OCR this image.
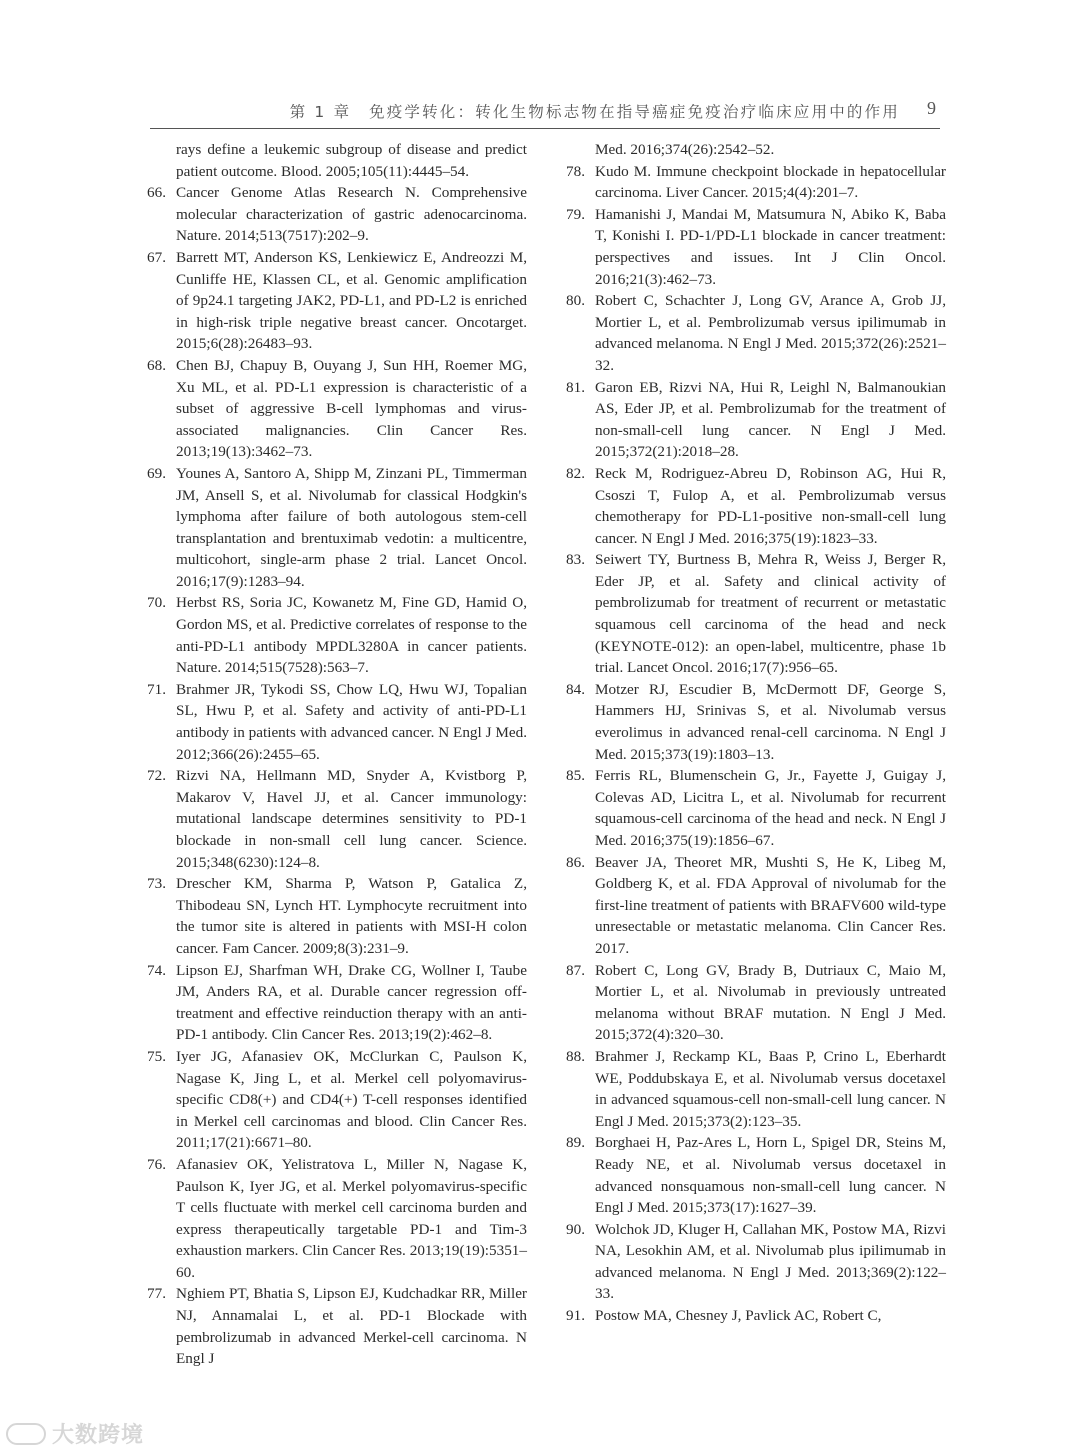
第 1 章　免疫学转化：转化生物标志物在指导癌症免疫治疗临床应用中的作用 9
rays define a leukemic subgroup of disease and predict patient outcome. Blood. 2005;105(11):4445–54.
66. Cancer Genome Atlas Research N. Comprehensive molecular characterization of gastric adenocarcinoma. Nature. 2014;513(7517):202–9.
67. Barrett MT, Anderson KS, Lenkiewicz E, Andreozzi M, Cunliffe HE, Klassen CL, et al. Genomic amplification of 9p24.1 targeting JAK2, PD-L1, and PD-L2 is enriched in high-risk triple negative breast cancer. Oncotarget. 2015;6(28):26483–93.
68. Chen BJ, Chapuy B, Ouyang J, Sun HH, Roemer MG, Xu ML, et al. PD-L1 expression is characteristic of a subset of aggressive B-cell lymphomas and virus-associated malignancies. Clin Cancer Res. 2013;19(13):3462–73.
69. Younes A, Santoro A, Shipp M, Zinzani PL, Timmerman JM, Ansell S, et al. Nivolumab for classical Hodgkin's lymphoma after failure of both autologous stem-cell transplantation and brentuximab vedotin: a multicentre, multicohort, single-arm phase 2 trial. Lancet Oncol. 2016;17(9):1283–94.
70. Herbst RS, Soria JC, Kowanetz M, Fine GD, Hamid O, Gordon MS, et al. Predictive correlates of response to the anti-PD-L1 antibody MPDL3280A in cancer patients. Nature. 2014;515(7528):563–7.
71. Brahmer JR, Tykodi SS, Chow LQ, Hwu WJ, Topalian SL, Hwu P, et al. Safety and activity of anti-PD-L1 antibody in patients with advanced cancer. N Engl J Med. 2012;366(26):2455–65.
72. Rizvi NA, Hellmann MD, Snyder A, Kvistborg P, Makarov V, Havel JJ, et al. Cancer immunology: mutational landscape determines sensitivity to PD-1 blockade in non-small cell lung cancer. Science. 2015;348(6230):124–8.
73. Drescher KM, Sharma P, Watson P, Gatalica Z, Thibodeau SN, Lynch HT. Lymphocyte recruitment into the tumor site is altered in patients with MSI-H colon cancer. Fam Cancer. 2009;8(3):231–9.
74. Lipson EJ, Sharfman WH, Drake CG, Wollner I, Taube JM, Anders RA, et al. Durable cancer regression off-treatment and effective reinduction therapy with an anti-PD-1 antibody. Clin Cancer Res. 2013;19(2):462–8.
75. Iyer JG, Afanasiev OK, McClurkan C, Paulson K, Nagase K, Jing L, et al. Merkel cell polyomavirus-specific CD8(+) and CD4(+) T-cell responses identified in Merkel cell carcinomas and blood. Clin Cancer Res. 2011;17(21):6671–80.
76. Afanasiev OK, Yelistratova L, Miller N, Nagase K, Paulson K, Iyer JG, et al. Merkel polyomavirus-specific T cells fluctuate with merkel cell carcinoma burden and express therapeutically targetable PD-1 and Tim-3 exhaustion markers. Clin Cancer Res. 2013;19(19):5351–60.
77. Nghiem PT, Bhatia S, Lipson EJ, Kudchadkar RR, Miller NJ, Annamalai L, et al. PD-1 Blockade with pembrolizumab in advanced Merkel-cell carcinoma. N Engl J
Med. 2016;374(26):2542–52.
78. Kudo M. Immune checkpoint blockade in hepatocellular carcinoma. Liver Cancer. 2015;4(4):201–7.
79. Hamanishi J, Mandai M, Matsumura N, Abiko K, Baba T, Konishi I. PD-1/PD-L1 blockade in cancer treatment: perspectives and issues. Int J Clin Oncol. 2016;21(3):462–73.
80. Robert C, Schachter J, Long GV, Arance A, Grob JJ, Mortier L, et al. Pembrolizumab versus ipilimumab in advanced melanoma. N Engl J Med. 2015;372(26):2521–32.
81. Garon EB, Rizvi NA, Hui R, Leighl N, Balmanoukian AS, Eder JP, et al. Pembrolizumab for the treatment of non-small-cell lung cancer. N Engl J Med. 2015;372(21):2018–28.
82. Reck M, Rodriguez-Abreu D, Robinson AG, Hui R, Csoszi T, Fulop A, et al. Pembrolizumab versus chemotherapy for PD-L1-positive non-small-cell lung cancer. N Engl J Med. 2016;375(19):1823–33.
83. Seiwert TY, Burtness B, Mehra R, Weiss J, Berger R, Eder JP, et al. Safety and clinical activity of pembrolizumab for treatment of recurrent or metastatic squamous cell carcinoma of the head and neck (KEYNOTE-012): an open-label, multicentre, phase 1b trial. Lancet Oncol. 2016;17(7):956–65.
84. Motzer RJ, Escudier B, McDermott DF, George S, Hammers HJ, Srinivas S, et al. Nivolumab versus everolimus in advanced renal-cell carcinoma. N Engl J Med. 2015;373(19):1803–13.
85. Ferris RL, Blumenschein G, Jr., Fayette J, Guigay J, Colevas AD, Licitra L, et al. Nivolumab for recurrent squamous-cell carcinoma of the head and neck. N Engl J Med. 2016;375(19):1856–67.
86. Beaver JA, Theoret MR, Mushti S, He K, Libeg M, Goldberg K, et al. FDA Approval of nivolumab for the first-line treatment of patients with BRAFV600 wild-type unresectable or metastatic melanoma. Clin Cancer Res. 2017.
87. Robert C, Long GV, Brady B, Dutriaux C, Maio M, Mortier L, et al. Nivolumab in previously untreated melanoma without BRAF mutation. N Engl J Med. 2015;372(4):320–30.
88. Brahmer J, Reckamp KL, Baas P, Crino L, Eberhardt WE, Poddubskaya E, et al. Nivolumab versus docetaxel in advanced squamous-cell non-small-cell lung cancer. N Engl J Med. 2015;373(2):123–35.
89. Borghaei H, Paz-Ares L, Horn L, Spigel DR, Steins M, Ready NE, et al. Nivolumab versus docetaxel in advanced nonsquamous non-small-cell lung cancer. N Engl J Med. 2015;373(17):1627–39.
90. Wolchok JD, Kluger H, Callahan MK, Postow MA, Rizvi NA, Lesokhin AM, et al. Nivolumab plus ipilimumab in advanced melanoma. N Engl J Med. 2013;369(2):122–33.
91. Postow MA, Chesney J, Pavlick AC, Robert C,
大数跨境
